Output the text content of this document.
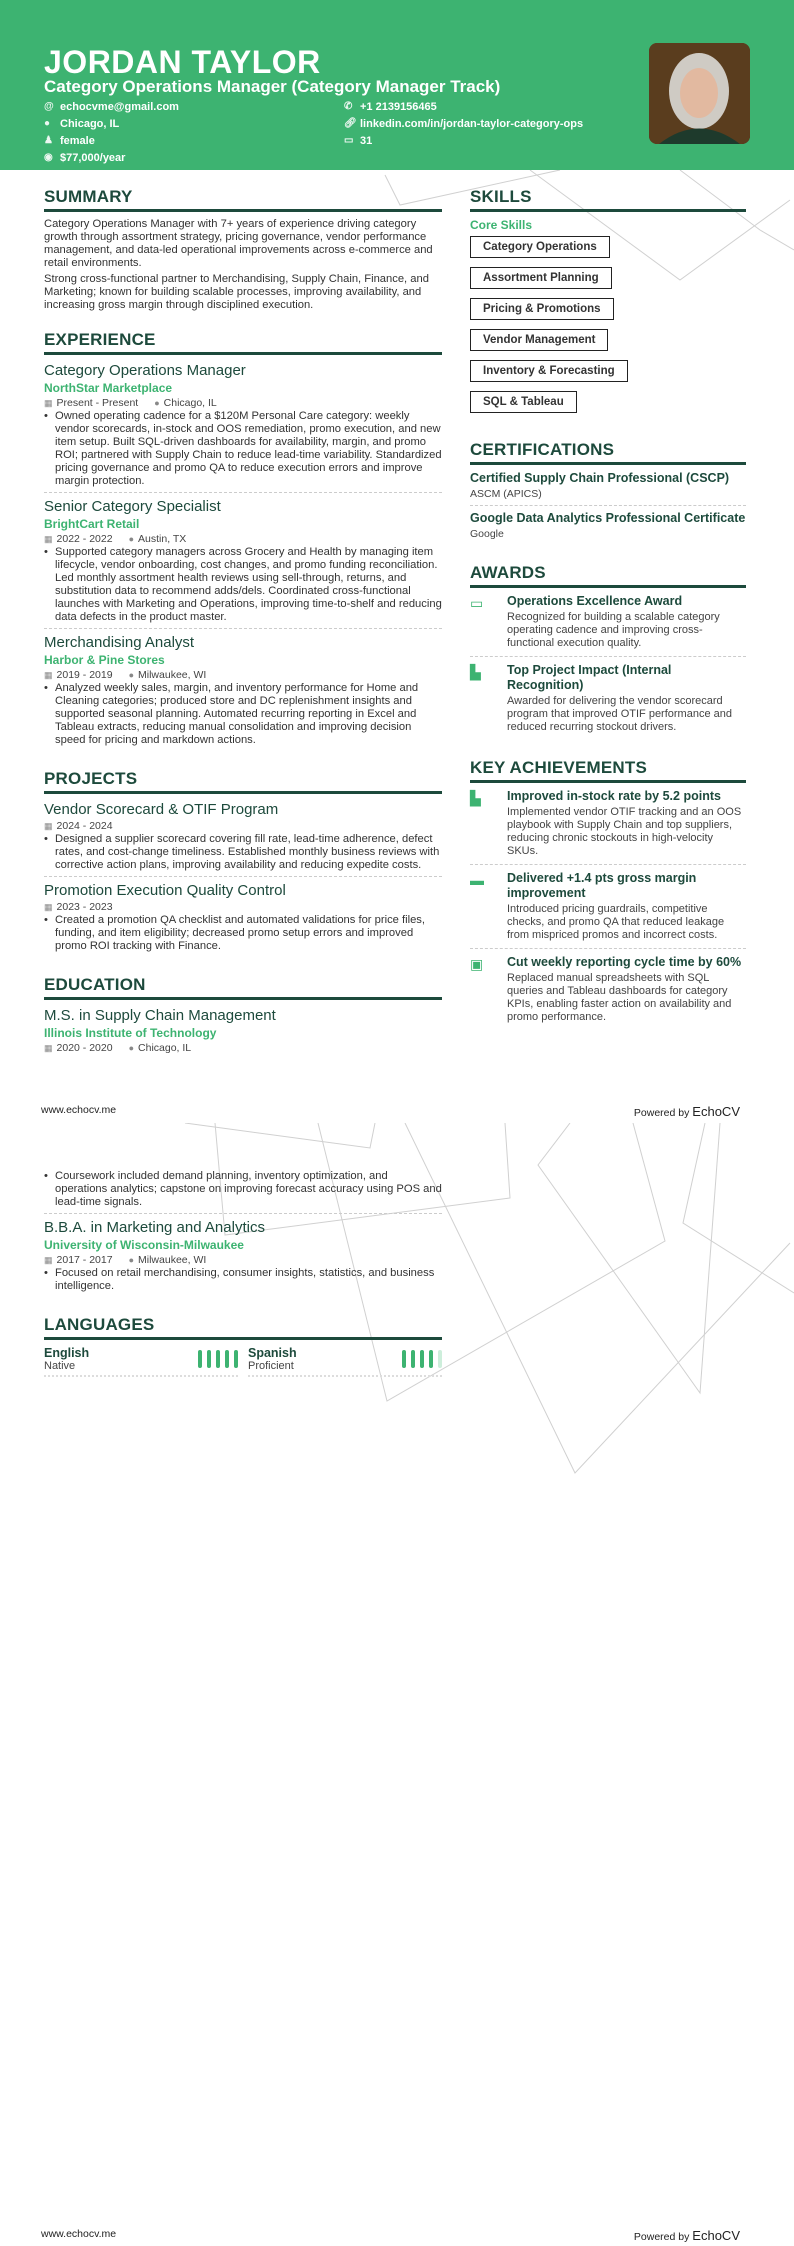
JORDAN TAYLOR
Category Operations Manager (Category Manager Track)
@ echocvme@gmail.com	✆ +1 2139156465
● Chicago, IL	🔗︎ linkedin.com/in/jordan-taylor-category-ops
♟ female	▭ 31
◉ $77,000/year
SUMMARY

Category Operations Manager with 7+ years of experience driving category growth through assortment strategy, pricing governance, vendor performance management, and data-led operational improvements across e-commerce and retail environments.

Strong cross-functional partner to Merchandising, Supply Chain, Finance, and Marketing; known for building scalable processes, improving availability, and increasing gross margin through disciplined execution.

EXPERIENCE
Category Operations Manager
NorthStar Marketplace
▦ Present - Present ● Chicago, IL
• Owned operating cadence for a $120M Personal Care category: weekly vendor scorecards, in-stock and OOS remediation, promo execution, and new item setup. Built SQL-driven dashboards for availability, margin, and promo ROI; partnered with Supply Chain to reduce lead-time variability. Standardized pricing governance and promo QA to reduce execution errors and improve margin protection.
Senior Category Specialist
BrightCart Retail
▦ 2022 - 2022 ● Austin, TX
• Supported category managers across Grocery and Health by managing item lifecycle, vendor onboarding, cost changes, and promo funding reconciliation. Led monthly assortment health reviews using sell-through, returns, and substitution data to recommend adds/dels. Coordinated cross-functional launches with Marketing and Operations, improving time-to-shelf and reducing data defects in the product master.
Merchandising Analyst
Harbor & Pine Stores
▦ 2019 - 2019 ● Milwaukee, WI
• Analyzed weekly sales, margin, and inventory performance for Home and Cleaning categories; produced store and DC replenishment insights and supported seasonal planning. Automated recurring reporting in Excel and Tableau extracts, reducing manual consolidation and improving decision speed for pricing and markdown actions.
PROJECTS
Vendor Scorecard & OTIF Program
▦ 2024 - 2024
• Designed a supplier scorecard covering fill rate, lead-time adherence, defect rates, and cost-change timeliness. Established monthly business reviews with corrective action plans, improving availability and reducing expedite costs.
Promotion Execution Quality Control
▦ 2023 - 2023
• Created a promotion QA checklist and automated validations for price files, funding, and item eligibility; decreased promo setup errors and improved promo ROI tracking with Finance.
EDUCATION
M.S. in Supply Chain Management
Illinois Institute of Technology
▦ 2020 - 2020 ● Chicago, IL
SKILLS
Core Skills
Category Operations
Assortment Planning
Pricing & Promotions
Vendor Management
Inventory & Forecasting
SQL & Tableau
CERTIFICATIONS
Certified Supply Chain Professional (CSCP)
ASCM (APICS)
Google Data Analytics Professional Certificate
Google
AWARDS
▭	Operations Excellence Award
Recognized for building a scalable category operating cadence and improving cross-functional execution quality.
▙	Top Project Impact (Internal Recognition)
Awarded for delivering the vendor scorecard program that improved OTIF performance and reduced recurring stockout drivers.
KEY ACHIEVEMENTS
▙	Improved in-stock rate by 5.2 points
Implemented vendor OTIF tracking and an OOS playbook with Supply Chain and top suppliers, reducing chronic stockouts in high-velocity SKUs.
▬	Delivered +1.4 pts gross margin improvement
Introduced pricing guardrails, competitive checks, and promo QA that reduced leakage from mispriced promos and incorrect costs.
▣	Cut weekly reporting cycle time by 60%
Replaced manual spreadsheets with SQL queries and Tableau dashboards for category KPIs, enabling faster action on availability and promo performance.
www.echocv.me	Powered by EchoCV
• Coursework included demand planning, inventory optimization, and operations analytics; capstone on improving forecast accuracy using POS and lead-time signals.
B.B.A. in Marketing and Analytics
University of Wisconsin-Milwaukee
▦ 2017 - 2017 ● Milwaukee, WI
• Focused on retail merchandising, consumer insights, statistics, and business intelligence.
LANGUAGES
English
Native
Spanish
Proficient
www.echocv.me	Powered by EchoCV
